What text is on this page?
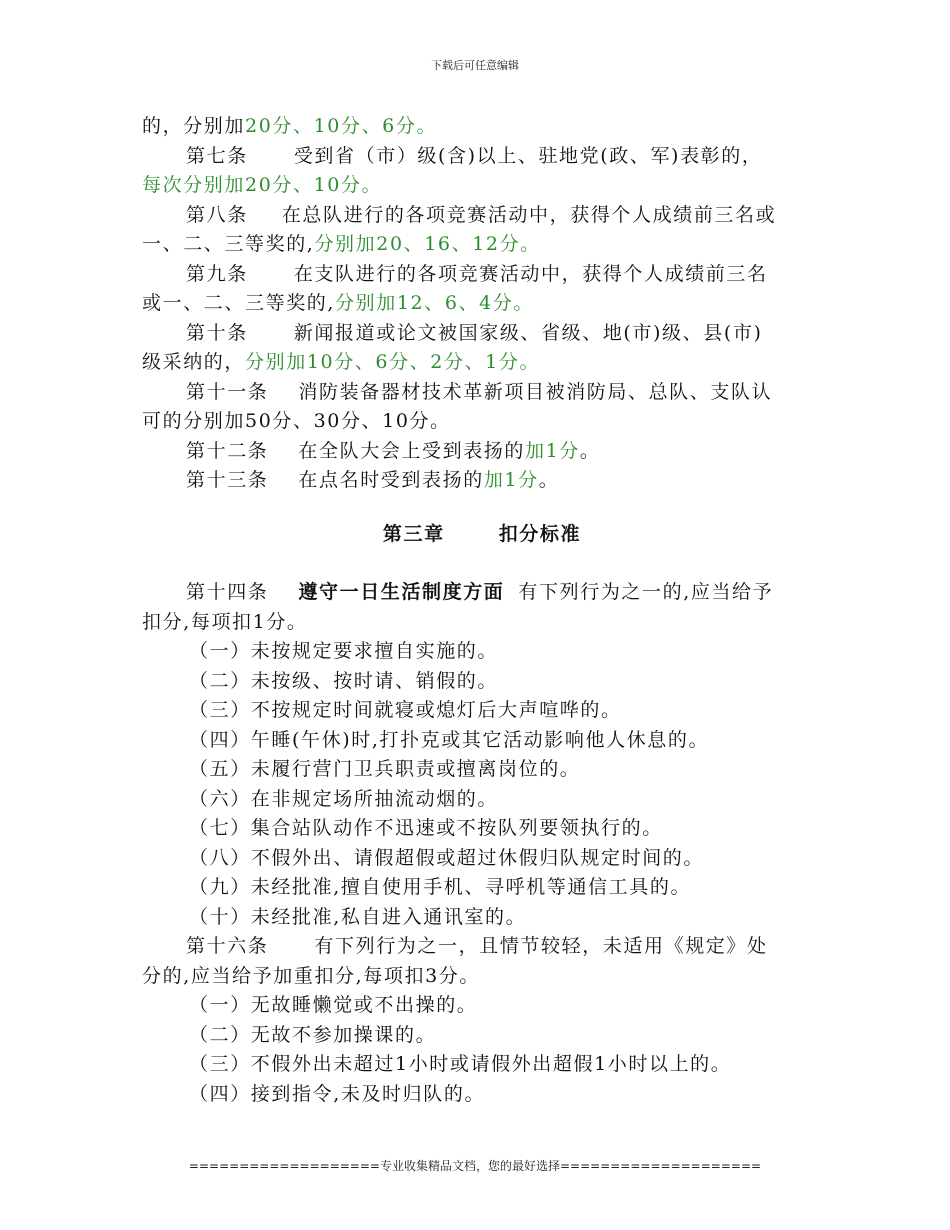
下载后可任意编辑
的，分别加20分、10分、6分。
第七条 受到省（市）级(含)以上、驻地党(政、军)表彰的，
每次分别加20分、10分。
第八条 在总队进行的各项竞赛活动中，获得个人成绩前三名或
一、二、三等奖的,分别加20、16、12分。
第九条 在支队进行的各项竞赛活动中，获得个人成绩前三名
或一、二、三等奖的,分别加12、6、4分。
第十条 新闻报道或论文被国家级、省级、地(市)级、县(市)
级采纳的，分别加10分、6分、2分、1分。
第十一条 消防装备器材技术革新项目被消防局、总队、支队认
可的分别加50分、30分、10分。
第十二条 在全队大会上受到表扬的加1分。
第十三条 在点名时受到表扬的加1分。
第三章	扣分标准
第十四条 遵守一日生活制度方面 有下列行为之一的,应当给予
扣分,每项扣1分。
（一）未按规定要求擅自实施的。
（二）未按级、按时请、销假的。
（三）不按规定时间就寝或熄灯后大声喧哗的。
（四）午睡(午休)时,打扑克或其它活动影响他人休息的。
（五）未履行营门卫兵职责或擅离岗位的。
（六）在非规定场所抽流动烟的。
（七）集合站队动作不迅速或不按队列要领执行的。
（八）不假外出、请假超假或超过休假归队规定时间的。
（九）未经批准,擅自使用手机、寻呼机等通信工具的。
（十）未经批准,私自进入通讯室的。
第十六条 有下列行为之一，且情节较轻，未适用《规定》处
分的,应当给予加重扣分,每项扣3分。
（一）无故睡懒觉或不出操的。
（二）无故不参加操课的。
（三）不假外出未超过1小时或请假外出超假1小时以上的。
（四）接到指令,未及时归队的。
===================专业收集精品文档，您的最好选择====================
